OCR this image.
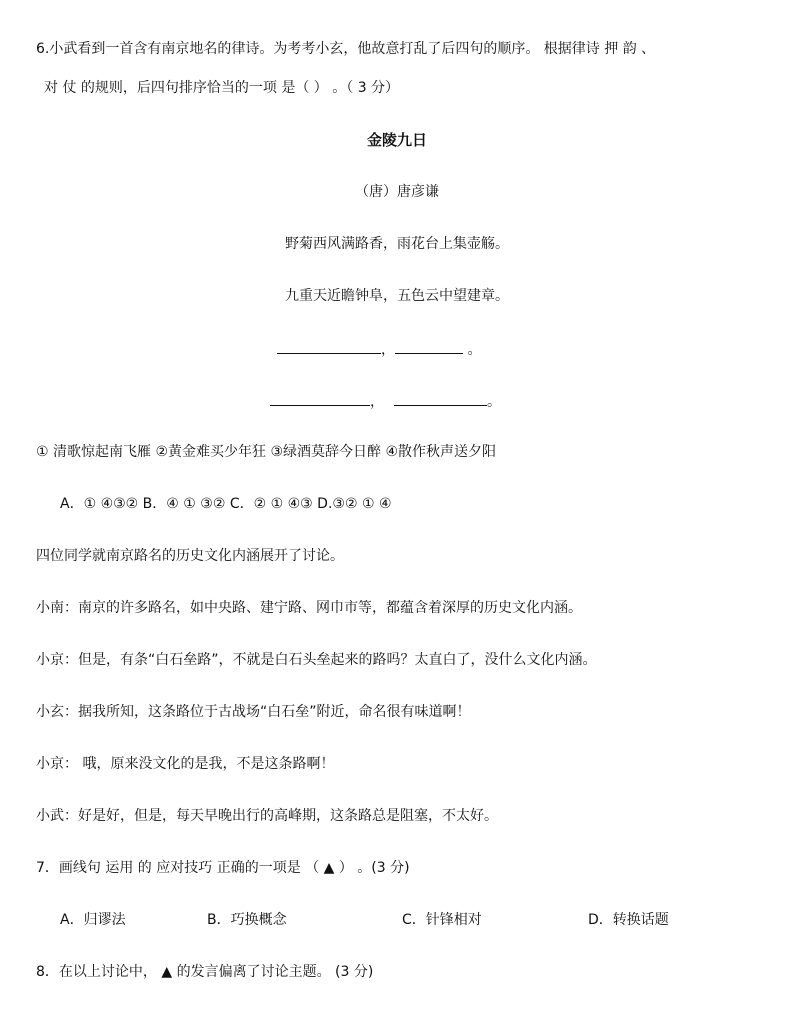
6.小武看到一首含有南京地名的律诗。为考考小玄，他故意打乱了后四句的顺序。 根据律诗 押 韵 、
对 仗 的规则，后四句排序恰当的一项 是（ ） 。（ 3 分）
金陵九日
（唐）唐彦谦
野菊西风满路香，雨花台上集壶觞。
九重天近瞻钟阜，五色云中望建章。
，	。
，	。
① 清歌惊起南飞雁 ②黄金难买少年狂 ③绿酒莫辞今日醉 ④散作秋声送夕阳
A．① ④③② B．④ ① ③② C．② ① ④③ D.③② ① ④
四位同学就南京路名的历史文化内涵展开了讨论。
小南：南京的许多路名，如中央路、建宁路、网巾市等，都蕴含着深厚的历史文化内涵。
小京：但是，有条“白石垒路”，不就是白石头垒起来的路吗？太直白了，没什么文化内涵。
小玄：据我所知，这条路位于古战场“白石垒”附近，命名很有味道啊！
小京： 哦，原来没文化的是我，不是这条路啊！
小武：好是好，但是，每天早晚出行的高峰期，这条路总是阻塞，不太好。
7．画线句 运用 的 应对技巧 正确的一项是 （ ▲ ） 。(3 分)
A．归谬法	B．巧换概念	C．针锋相对	D．转换话题
8．在以上讨论中， ▲ 的发言偏离了讨论主题。 (3 分)
